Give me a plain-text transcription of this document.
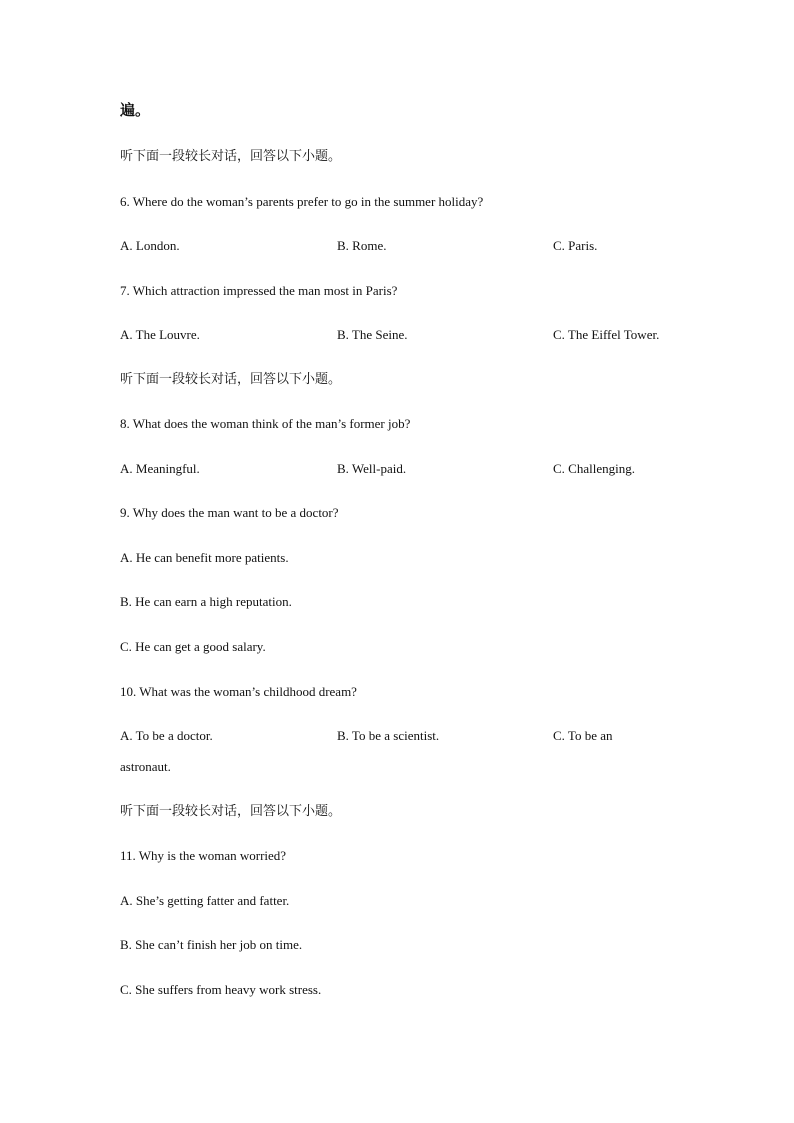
遍。
听下面一段较长对话，回答以下小题。
6. Where do the woman’s parents prefer to go in the summer holiday?
A. London.	B. Rome.	C. Paris.
7. Which attraction impressed the man most in Paris?
A. The Louvre.	B. The Seine.	C. The Eiffel Tower.
听下面一段较长对话，回答以下小题。
8. What does the woman think of the man’s former job?
A. Meaningful.	B. Well-paid.	C. Challenging.
9. Why does the man want to be a doctor?
A. He can benefit more patients.
B. He can earn a high reputation.
C. He can get a good salary.
10. What was the woman’s childhood dream?
A. To be a doctor.	B. To be a scientist.	C. To be an
astronaut.
听下面一段较长对话，回答以下小题。
11. Why is the woman worried?
A. She’s getting fatter and fatter.
B. She can’t finish her job on time.
C. She suffers from heavy work stress.
